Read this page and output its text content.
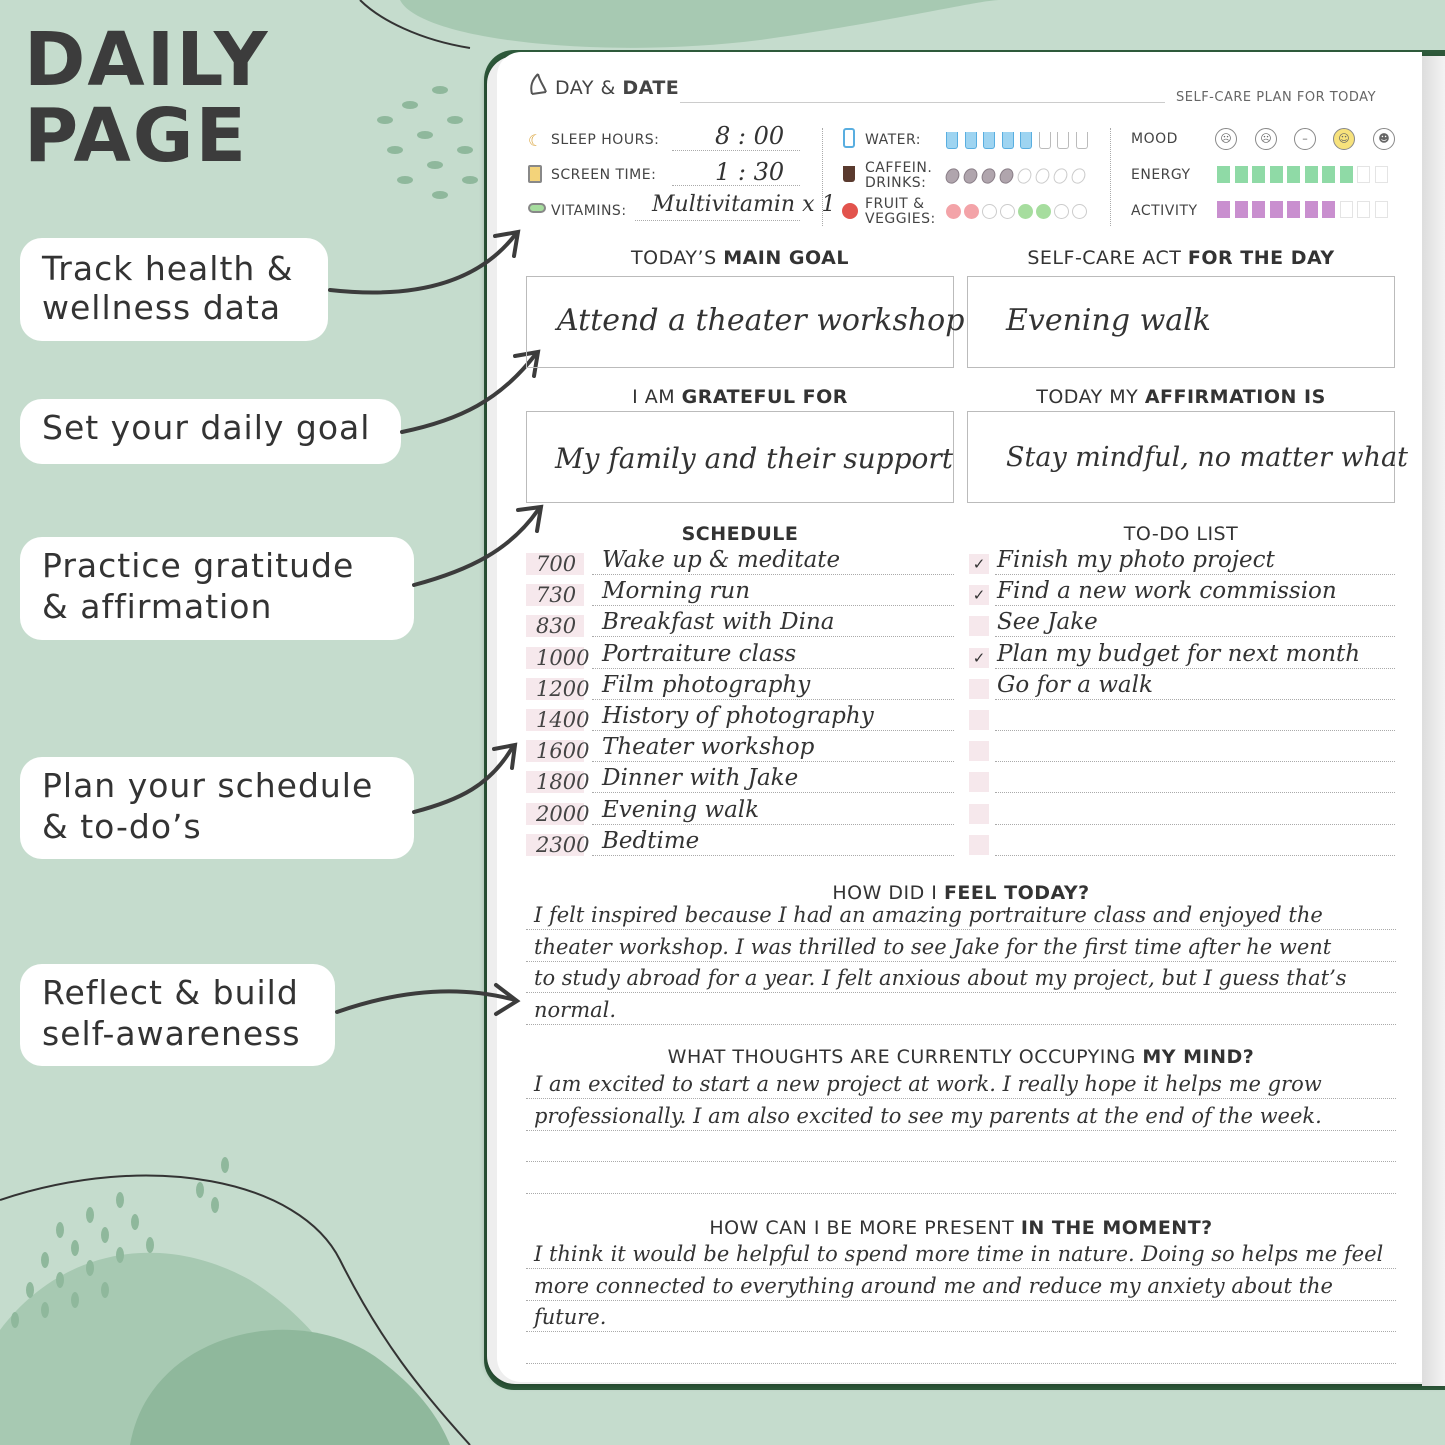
DAILY
PAGE
Track health &
wellness data
Set your daily goal
Practice gratitude
& affirmation
Plan your schedule
& to-do’s
Reflect & build
self-awareness
DAY & DATE	SELF-CARE PLAN FOR TODAY
☾ SLEEP HOURS: 8 : 00
SCREEN TIME: 1 : 30
VITAMINS: Multivitamin x 1
WATER:
CAFFEIN.
DRINKS:
FRUIT &
VEGGIES:
MOOD	☹	☹	–	☺	☻
ENERGY
ACTIVITY
TODAY’S MAIN GOAL
Attend a theater workshop
SELF-CARE ACT FOR THE DAY
Evening walk
I AM GRATEFUL FOR
My family and their support
TODAY MY AFFIRMATION IS
Stay mindful, no matter what
SCHEDULE
700	Wake up & meditate
730	Morning run
830	Breakfast with Dina
1000 Portraiture class
1200 Film photography
1400 History of photography
1600 Theater workshop
1800 Dinner with Jake
2000 Evening walk
2300 Bedtime
TO-DO LIST
✓ Finish my photo project
✓ Find a new work commission
See Jake
✓ Plan my budget for next month
Go for a walk
HOW DID I FEEL TODAY?
I felt inspired because I had an amazing portraiture class and enjoyed the
theater workshop. I was thrilled to see Jake for the first time after he went
to study abroad for a year. I felt anxious about my project, but I guess that’s
normal.
WHAT THOUGHTS ARE CURRENTLY OCCUPYING MY MIND?
I am excited to start a new project at work. I really hope it helps me grow
professionally. I am also excited to see my parents at the end of the week.
HOW CAN I BE MORE PRESENT IN THE MOMENT?
I think it would be helpful to spend more time in nature. Doing so helps me feel
more connected to everything around me and reduce my anxiety about the
future.
